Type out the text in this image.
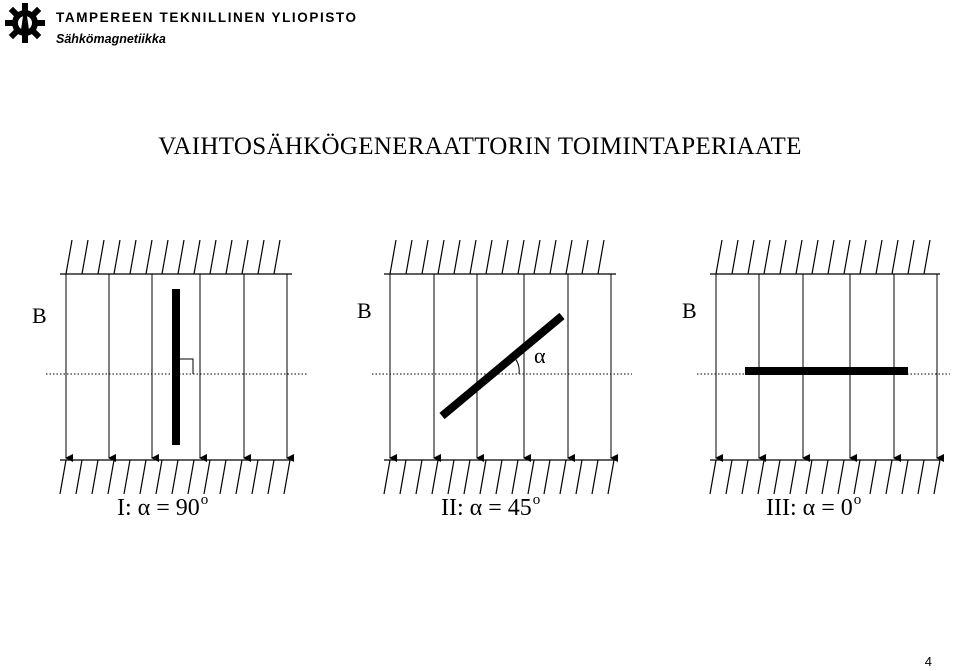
TAMPEREEN TEKNILLINEN YLIOPISTO
Sähkömagnetiikka
VAIHTOSÄHKÖGENERAATTORIN TOIMINTAPERIAATE
B	B	B
α
I: $\alpha = 90^o$	II: $\alpha = 45^o$	III: $\alpha = 0^o$
4
